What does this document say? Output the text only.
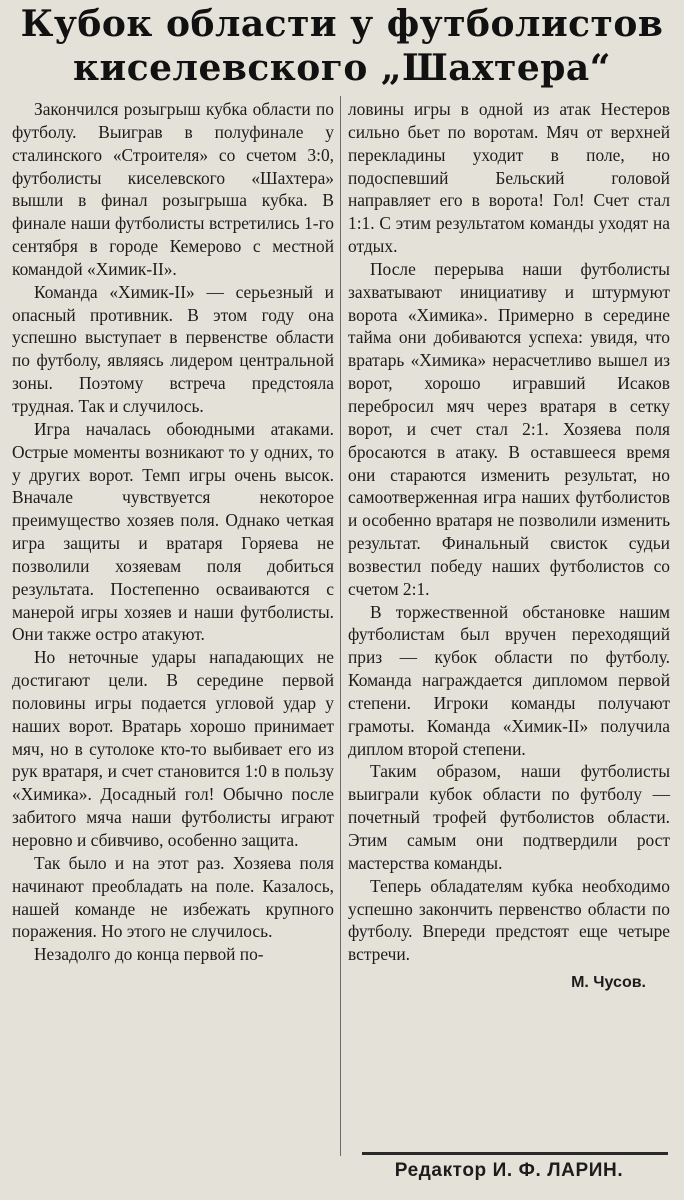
Кубок области у футболистов
киселевского „Шахтера“

Закончился розыгрыш кубка области по футболу. Выиграв в полуфинале у сталинского «Строителя» со счетом 3:0, футболисты киселевского «Шахтера» вышли в финал розыгрыша кубка. В финале наши футболисты встретились 1-го сентября в городе Кемерово с местной командой «Химик-II».

Команда «Химик-II» — серьезный и опасный противник. В этом году она успешно выступает в первенстве области по футболу, являясь лидером центральной зоны. Поэтому встреча предстояла трудная. Так и случилось.

Игра началась обоюдными атаками. Острые моменты возникают то у одних, то у других ворот. Темп игры очень высок. Вначале чувствуется некоторое преимущество хозяев поля. Однако четкая игра защиты и вратаря Горяева не позволили хозяевам поля добиться результата. Постепенно осваиваются с манерой игры хозяев и наши футболисты. Они также остро атакуют.

Но неточные удары нападающих не достигают цели. В середине первой половины игры подается угловой удар у наших ворот. Вратарь хорошо принимает мяч, но в сутолоке кто-то выбивает его из рук вратаря, и счет становится 1:0 в пользу «Химика». Досадный гол! Обычно после забитого мяча наши футболисты играют неровно и сбивчиво, особенно защита.

Так было и на этот раз. Хозяева поля начинают преобладать на поле. Казалось, нашей команде не избежать крупного поражения. Но этого не случилось.

Незадолго до конца первой по-

ловины игры в одной из атак Нестеров сильно бьет по воротам. Мяч от верхней перекладины уходит в поле, но подоспевший Бельский головой направляет его в ворота! Гол! Счет стал 1:1. С этим результатом команды уходят на отдых.

После перерыва наши футболисты захватывают инициативу и штурмуют ворота «Химика». Примерно в середине тайма они добиваются успеха: увидя, что вратарь «Химика» нерасчетливо вышел из ворот, хорошо игравший Исаков перебросил мяч через вратаря в сетку ворот, и счет стал 2:1. Хозяева поля бросаются в атаку. В оставшееся время они стараются изменить результат, но самоотверженная игра наших футболистов и особенно вратаря не позволили изменить результат. Финальный свисток судьи возвестил победу наших футболистов со счетом 2:1.

В торжественной обстановке нашим футболистам был вручен переходящий приз — кубок области по футболу. Команда награждается дипломом первой степени. Игроки команды получают грамоты. Команда «Химик-II» получила диплом второй степени.

Таким образом, наши футболисты выиграли кубок области по футболу — почетный трофей футболистов области. Этим самым они подтвердили рост мастерства команды.

Теперь обладателям кубка необходимо успешно закончить первенство области по футболу. Впереди предстоят еще четыре встречи.

М. Чусов.
Редактор И. Ф. ЛАРИН.
